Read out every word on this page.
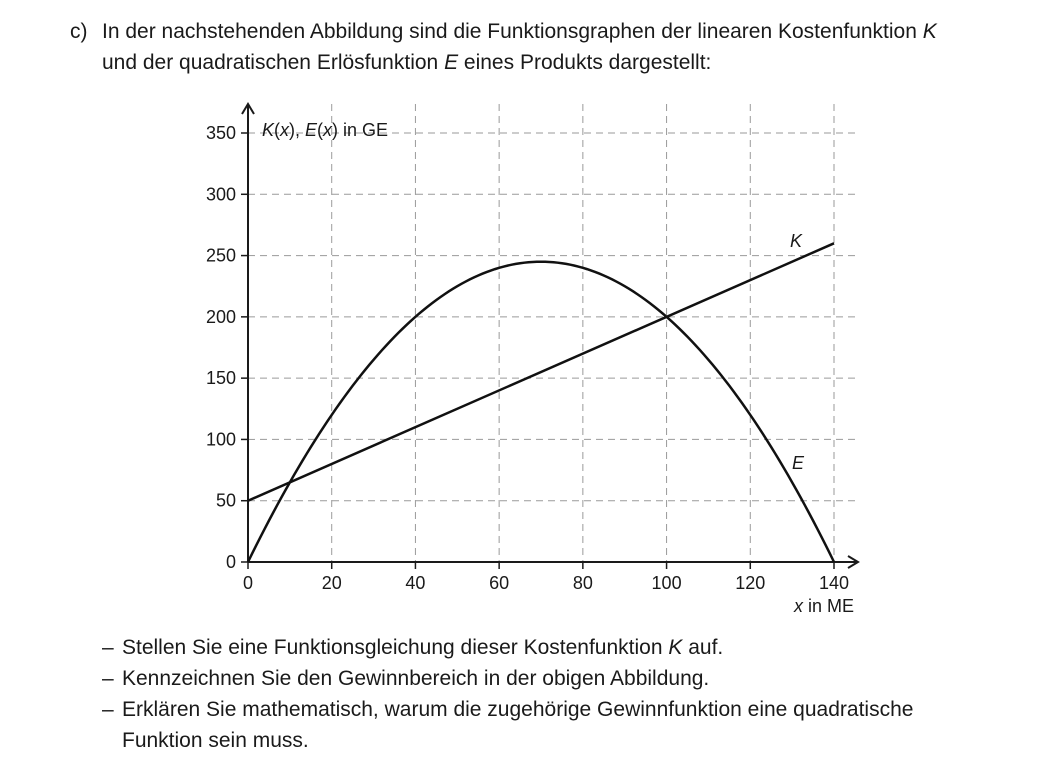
c) In der nachstehenden Abbildung sind die Funktionsgraphen der linearen Kostenfunktion K
und der quadratischen Erlösfunktion E eines Produkts dargestellt:
0	20	40	60	80	100	120	140
0
50
100
150
200
250
300
350 K(x), E(x) in GE
x in ME
K
E
– Stellen Sie eine Funktionsgleichung dieser Kostenfunktion K auf.
– Kennzeichnen Sie den Gewinnbereich in der obigen Abbildung.
– Erklären Sie mathematisch, warum die zugehörige Gewinnfunktion eine quadratische
Funktion sein muss.
